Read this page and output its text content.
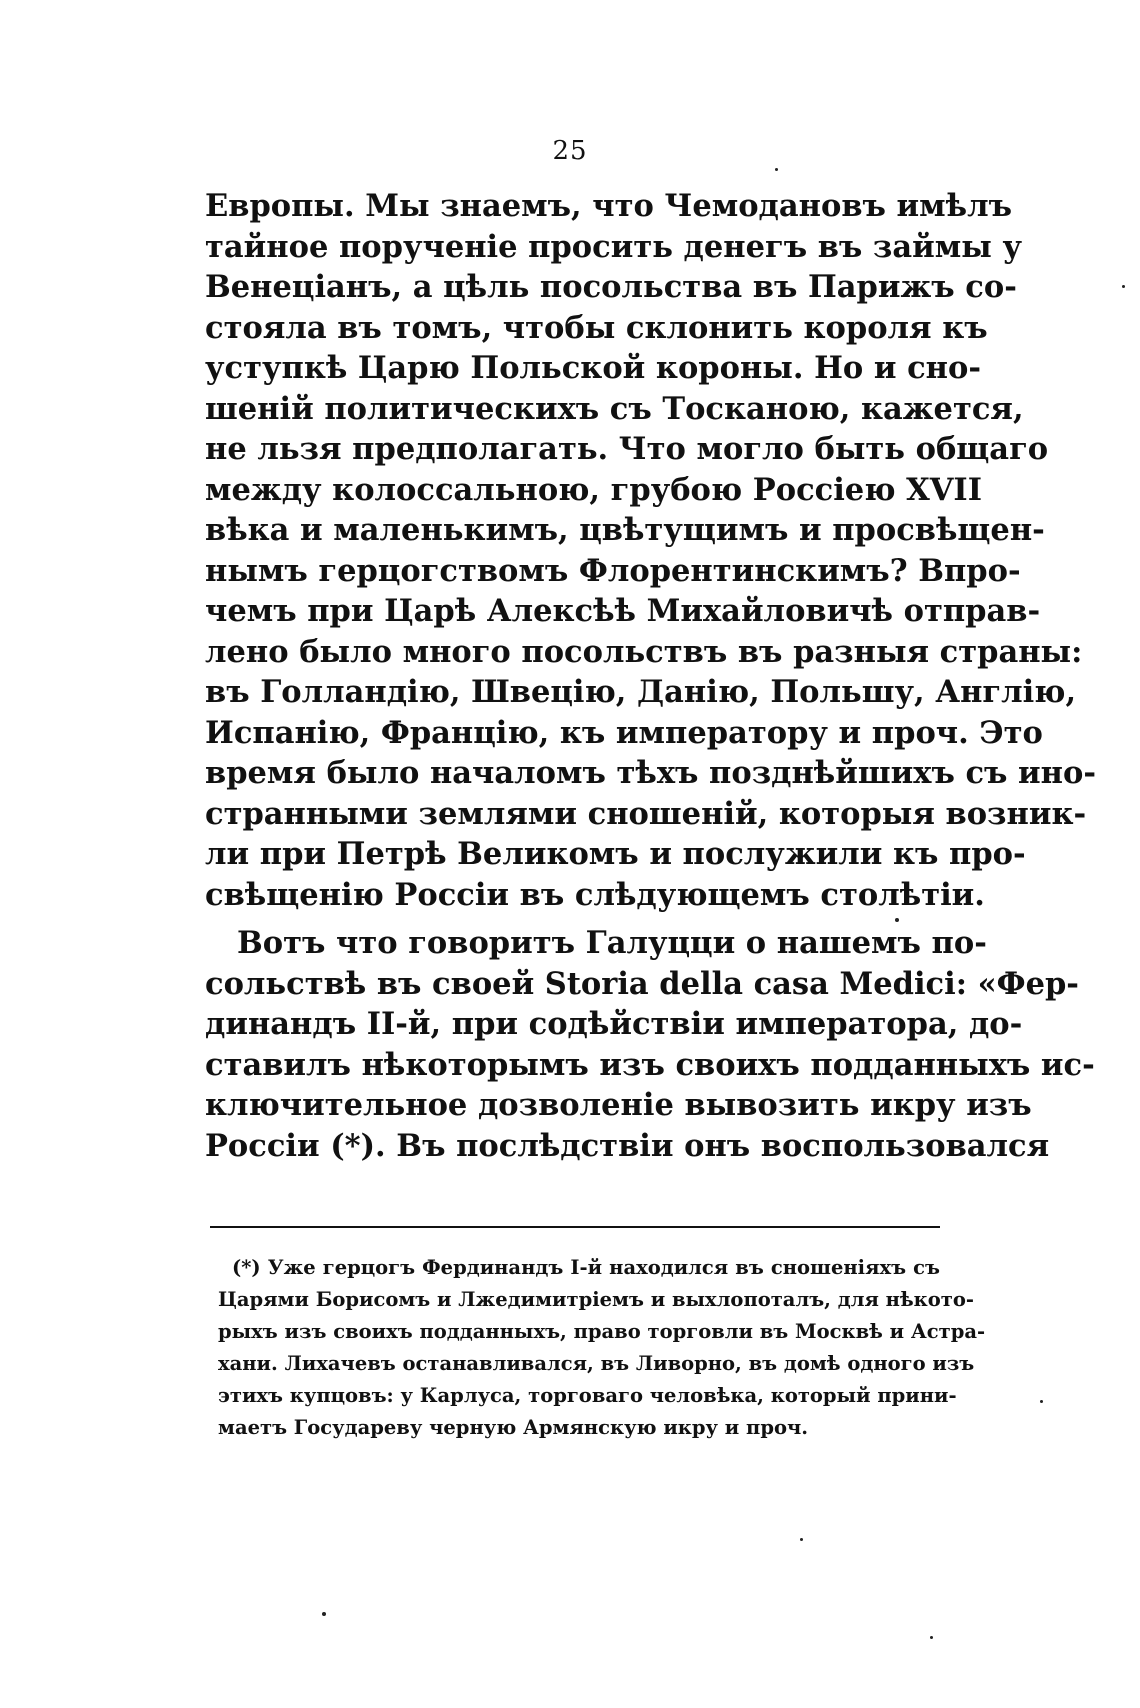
25
Европы. Мы знаемъ, что Чемодановъ имѣлъ
тайное порученіе просить денегъ въ займы у
Венеціанъ, а цѣль посольства въ Парижъ со-
стояла въ томъ, чтобы склонить короля къ
уступкѣ Царю Польской короны. Но и сно-
шеній политическихъ съ Тосканою, кажется,
не льзя предполагать. Что могло быть общаго
между колоссальною, грубою Россіею XVII
вѣка и маленькимъ, цвѣтущимъ и просвѣщен-
нымъ герцогствомъ Флорентинскимъ? Впро-
чемъ при Царѣ Алексѣѣ Михайловичѣ отправ-
лено было много посольствъ въ разныя страны:
въ Голландію, Швецію, Данію, Польшу, Англію,
Испанію, Францію, къ императору и проч. Это
время было началомъ тѣхъ позднѣйшихъ съ ино-
странными землями сношеній, которыя возник-
ли при Петрѣ Великомъ и послужили къ про-
свѣщенію Россіи въ слѣдующемъ столѣтіи.
Вотъ что говоритъ Галуцци о нашемъ по-
сольствѣ въ своей Storia della casa Medici: «Фер-
динандъ II-й, при содѣйствіи императора, до-
ставилъ нѣкоторымъ изъ своихъ подданныхъ ис-
ключительное дозволеніе вывозить икру изъ
Россіи (*). Въ послѣдствіи онъ воспользовался
(*) Уже герцогъ Фердинандъ I-й находился въ сношеніяхъ съ
Царями Борисомъ и Лжедимитріемъ и выхлопоталъ, для нѣкото-
рыхъ изъ своихъ подданныхъ, право торговли въ Москвѣ и Астра-
хани. Лихачевъ останавливался, въ Ливорно, въ домѣ одного изъ
этихъ купцовъ: у Карлуса, торговаго человѣка, который прини-
маетъ Государеву черную Армянскую икру и проч.
